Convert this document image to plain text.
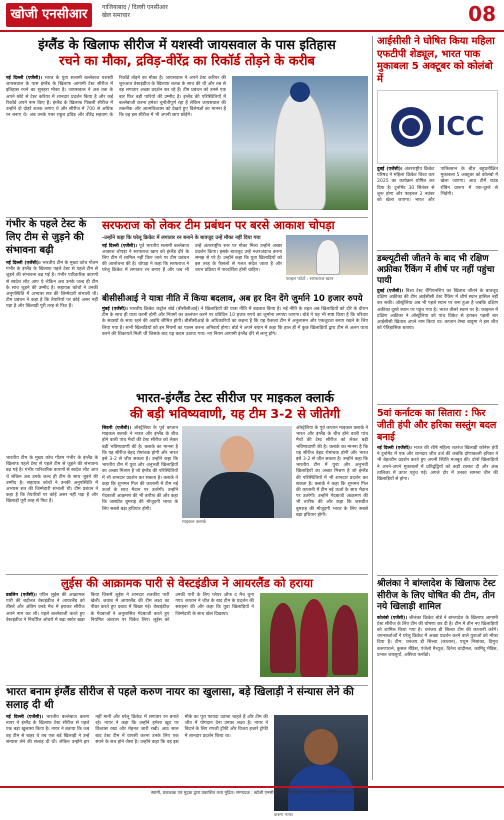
खोजी एनसीआर	गाजियाबाद / दिल्ली एनसीआर
खेल समाचार	08
इंग्लैंड के खिलाफ सीरीज में यशस्वी जायसवाल के पास इतिहास
रचने का मौका, द्रविड़-वीरेंद्र का रिकॉर्ड तोड़ने के करीब
नई दिल्ली (एजेंसी)। भारत के युवा सलामी बल्लेबाज यशस्वी जायसवाल के पास इंग्लैंड के खिलाफ आगामी टेस्ट सीरीज में इतिहास रचने का सुनहरा मौका है। जायसवाल ने अब तक के अपने छोटे से टेस्ट करियर में शानदार प्रदर्शन किया है और कई रिकॉर्ड अपने नाम किए हैं। इंग्लैंड के खिलाफ पिछली सीरीज में उन्होंने दो दोहरे शतक लगाए थे और सीरीज में 700 से अधिक रन बनाए थे। अब उनके पास राहुल द्रविड़ और वीरेंद्र सहवाग के रिकॉर्ड तोड़ने का मौका है। जायसवाल ने अपने टेस्ट करियर की शुरुआत वेस्टइंडीज के खिलाफ शतक के साथ की थी और तब से वह लगातार अच्छा प्रदर्शन कर रहे हैं। टीम प्रबंधन को उनसे एक बार फिर बड़ी पारियों की उम्मीद है। इंग्लैंड की परिस्थितियों में बल्लेबाजी करना हमेशा चुनौतीपूर्ण रहा है लेकिन जायसवाल की तकनीक और आत्मविश्वास को देखते हुए विशेषज्ञों का मानना है कि वह इस सीरीज में भी अपनी छाप छोड़ेंगे।
गंभीर के पहले टेस्ट के लिए टीम से जुड़ने की संभावना बढ़ी
नई दिल्ली (एजेंसी)। भारतीय टीम के मुख्य कोच गौतम गंभीर के इंग्लैंड के खिलाफ पहले टेस्ट से पहले टीम से जुड़ने की संभावना बढ़ गई है। गंभीर पारिवारिक कारणों से स्वदेश लौट आए थे लेकिन अब उनके जल्द ही टीम के साथ जुड़ने की उम्मीद है। सहायक कोचों ने उनकी अनुपस्थिति में अभ्यास सत्र की जिम्मेदारी संभाली थी। टीम प्रबंधन ने कहा है कि तैयारियों पर कोई असर नहीं पड़ा है और खिलाड़ी पूरी तरह से फिट हैं।
सरफराज को लेकर टीम प्रबंधन पर बरसे आकाश चोपड़ा
-उन्होंने कहा कि घरेलू क्रिकेट में लगातार रन बनाने के बावजूद उन्हें मौका नहीं दिया गया
नई दिल्ली (एजेंसी)। पूर्व भारतीय सलामी बल्लेबाज आकाश चोपड़ा ने सरफराज खान को इंग्लैंड दौरे के लिए टीम में शामिल नहीं किए जाने पर टीम प्रबंधन की आलोचना की है। चोपड़ा ने कहा कि सरफराज ने घरेलू क्रिकेट में लगातार रन बनाए हैं और जब भी उन्हें अंतरराष्ट्रीय स्तर पर मौका मिला उन्होंने अच्छा प्रदर्शन किया। इसके बावजूद उन्हें नजरअंदाज करना समझ से परे है। उन्होंने कहा कि युवा खिलाड़ियों को इस तरह के फैसलों से गलत संदेश जाता है और चयन प्रक्रिया में पारदर्शिता होनी चाहिए।
फाइल फोटो : सरफराज खान
बीसीसीआई ने यात्रा नीति में किया बदलाव, अब हर दिन देंगे जुर्माने 10 हजार रुपये
मुंबई (एजेंसी)। भारतीय क्रिकेट कंट्रोल बोर्ड (बीसीसीआई) ने खिलाड़ियों की यात्रा नीति में बदलाव किया है। नई नीति के तहत अब खिलाड़ियों को दौरे के दौरान टीम के साथ ही यात्रा करनी होगी और नियमों का उल्लंघन करने पर प्रतिदिन 10 हजार रुपये का जुर्माना लगाया जाएगा। बोर्ड ने यह भी स्पष्ट किया है कि परिवार के सदस्यों के साथ रहने की अवधि सीमित होगी। बीसीसीआई के अधिकारियों का कहना है कि यह फैसला टीम में अनुशासन और एकजुटता बनाए रखने के लिए लिया गया है। सभी खिलाड़ियों को इन नियमों का पालन करना अनिवार्य होगा। बोर्ड ने अपने बयान में कहा कि हाल ही में कुछ खिलाड़ियों द्वारा टीम से अलग यात्रा करने की शिकायतें मिली थीं जिसके बाद यह कदम उठाया गया। नए नियम आगामी इंग्लैंड दौरे से लागू होंगे।
भारत-इंग्लैंड टेस्ट सीरीज पर माइकल क्लार्क
की बड़ी भविष्यवाणी, यह टीम 3-2 से जीतेगी
सिडनी (एजेंसी)। ऑस्ट्रेलिया के पूर्व कप्तान माइकल क्लार्क ने भारत और इंग्लैंड के बीच होने वाली पांच मैचों की टेस्ट सीरीज को लेकर बड़ी भविष्यवाणी की है। क्लार्क का मानना है कि यह सीरीज बेहद रोमांचक होगी और भारत इसे 3-2 से जीत सकता है। उन्होंने कहा कि भारतीय टीम में युवा और अनुभवी खिलाड़ियों का अच्छा मिश्रण है जो इंग्लैंड की परिस्थितियों में भी शानदार प्रदर्शन कर सकता है। क्लार्क ने कहा कि शुभमन गिल की कप्तानी में टीम नई ऊर्जा के साथ मैदान पर उतरेगी। उन्होंने गेंदबाजी आक्रमण की भी तारीफ की और कहा कि जसप्रीत बुमराह की मौजूदगी भारत के लिए सबसे बड़ा हथियार होगी।
माइकल क्लार्क
ऑस्ट्रेलिया के पूर्व कप्तान माइकल क्लार्क ने भारत और इंग्लैंड के बीच होने वाली पांच मैचों की टेस्ट सीरीज को लेकर बड़ी भविष्यवाणी की है। क्लार्क का मानना है कि यह सीरीज बेहद रोमांचक होगी और भारत इसे 3-2 से जीत सकता है। उन्होंने कहा कि भारतीय टीम में युवा और अनुभवी खिलाड़ियों का अच्छा मिश्रण है जो इंग्लैंड की परिस्थितियों में भी शानदार प्रदर्शन कर सकता है। क्लार्क ने कहा कि शुभमन गिल की कप्तानी में टीम नई ऊर्जा के साथ मैदान पर उतरेगी। उन्होंने गेंदबाजी आक्रमण की भी तारीफ की और कहा कि जसप्रीत बुमराह की मौजूदगी भारत के लिए सबसे बड़ा हथियार होगी।
भारतीय टीम के मुख्य कोच गौतम गंभीर के इंग्लैंड के खिलाफ पहले टेस्ट से पहले टीम से जुड़ने की संभावना बढ़ गई है। गंभीर पारिवारिक कारणों से स्वदेश लौट आए थे लेकिन अब उनके जल्द ही टीम के साथ जुड़ने की उम्मीद है। सहायक कोचों ने उनकी अनुपस्थिति में अभ्यास सत्र की जिम्मेदारी संभाली थी। टीम प्रबंधन ने कहा है कि तैयारियों पर कोई असर नहीं पड़ा है और खिलाड़ी पूरी तरह से फिट हैं।
लुईस की आक्रामक पारी से वेस्टइंडीज ने आयरलैंड को हराया
डबलिन (एजेंसी)। एविन लुईस की आक्रामक पारी की बदौलत वेस्टइंडीज ने आयरलैंड को तीसरे और अंतिम वनडे मैच में हराकर सीरीज अपने नाम कर ली। पहले बल्लेबाजी करते हुए वेस्टइंडीज ने निर्धारित ओवरों में बड़ा स्कोर खड़ा किया जिसमें लुईस ने शानदार शतकीय पारी खेली। जवाब में आयरलैंड की टीम लक्ष्य का पीछा करते हुए दबाव में बिखर गई। वेस्टइंडीज के गेंदबाजों ने अनुशासित गेंदबाजी करते हुए नियमित अंतराल पर विकेट लिए। लुईस को उनकी पारी के लिए प्लेयर ऑफ द मैच चुना गया। कप्तान ने जीत के बाद टीम के प्रदर्शन की सराहना की और कहा कि युवा खिलाड़ियों ने जिम्मेदारी के साथ खेल दिखाया।
भारत बनाम इंग्लैंड सीरीज से पहले करुण नायर का खुलासा, बड़े खिलाड़ी ने संन्यास लेने की सलाह दी थी
नई दिल्ली (एजेंसी)। भारतीय बल्लेबाज करुण नायर ने इंग्लैंड के खिलाफ टेस्ट सीरीज से पहले एक बड़ा खुलासा किया है। नायर ने बताया कि जब वह टीम से बाहर थे तब एक बड़े खिलाड़ी ने उन्हें संन्यास लेने की सलाह दी थी। लेकिन उन्होंने हार नहीं मानी और घरेलू क्रिकेट में लगातार रन बनाते रहे। नायर ने कहा कि उन्होंने हमेशा खुद पर विश्वास रखा और मेहनत जारी रखी। आठ साल बाद टेस्ट टीम में वापसी करना उनके लिए एक सपने के सच होने जैसा है। उन्होंने कहा कि वह इस मौके का पूरा फायदा उठाना चाहते हैं और टीम की जीत में योगदान देना उनका लक्ष्य है। नायर ने विदर्भ के लिए रणजी ट्रॉफी और विजय हजारे ट्रॉफी में शानदार प्रदर्शन किया था।
करुण नायर
आईसीसी ने घोषित किया महिला एफटीपी शेड्यूल, भारत पाक मुकाबला 5 अक्टूबर को कोलंबो में
ICC
दुबई (एजेंसी)। अंतरराष्ट्रीय क्रिकेट परिषद ने महिला क्रिकेट विश्व कप 2025 का कार्यक्रम घोषित कर दिया है। टूर्नामेंट 30 सितंबर से शुरू होगा और फाइनल 2 नवंबर को खेला जाएगा। भारत और पाकिस्तान के बीच बहुप्रतीक्षित मुकाबला 5 अक्टूबर को कोलंबो में खेला जाएगा। आठ टीमें राउंड रॉबिन प्रारूप में एक-दूसरे से भिड़ेंगी।
डब्ल्यूटीसी जीतने के बाद भी रक्षिण अफ्रीका रैंकिंग में शीर्ष पर नहीं पहुंचा पायी
दुबई (एजेंसी)। विश्व टेस्ट चैंपियनशिप का खिताब जीतने के बावजूद दक्षिण अफ्रीका की टीम आईसीसी टेस्ट रैंकिंग में शीर्ष स्थान हासिल नहीं कर सकी। ऑस्ट्रेलिया अब भी पहले स्थान पर बना हुआ है जबकि दक्षिण अफ्रीका दूसरे स्थान पर पहुंच गया है। भारत तीसरे स्थान पर है। फाइनल में दक्षिण अफ्रीका ने ऑस्ट्रेलिया को पांच विकेट से हराकर पहली बार आईसीसी खिताब अपने नाम किया था। कप्तान टेम्बा बावुमा ने इस जीत को ऐतिहासिक बताया।
5वां कर्नाटक का सितारा : फिर जीती हंपी और हरिका सस्तुंग बदल बनाई
नई दिल्ली (एजेंसी)। भारत की शीर्ष महिला शतरंज खिलाड़ी कोनेरू हंपी ने टूर्नामेंट में एक और शानदार जीत दर्ज की जबकि द्रोणावल्ली हरिका ने भी बेहतरीन प्रदर्शन करते हुए अपनी स्थिति मजबूत की। दोनों खिलाड़ियों ने अपने-अपने मुकाबलों में प्रतिद्वंद्वियों को कड़ी टक्कर दी और अंक तालिका में ऊपर पहुंच गईं। अगले दौर में उनका सामना चीन की खिलाड़ियों से होगा।
श्रीलंका ने बांग्लादेश के खिलाफ टेस्ट सीरीज के लिए घोषित की टीम, तीन नये खिलाड़ी शामिल
कोलंबो (एजेंसी)। श्रीलंका क्रिकेट बोर्ड ने बांग्लादेश के खिलाफ आगामी टेस्ट सीरीज के लिए टीम की घोषणा कर दी है। टीम में तीन नए खिलाड़ियों को शामिल किया गया है। धनंजय डी सिल्वा टीम की कप्तानी करेंगे। चयनकर्ताओं ने घरेलू क्रिकेट में अच्छा प्रदर्शन करने वाले युवाओं को मौका दिया है। टीम: धनंजय डी सिल्वा (कप्तान), पथुम निसांका, दिमुथ करुणारत्ने, कुसल मेंडिस, एंजेलो मैथ्यूज, दिनेश चांदीमल, कामिंदु मेंडिस, प्रभात जयसूर्या, असिथा फर्नांडो।
स्वामी, प्रकाशक एवं मुद्रक द्वारा प्रकाशित तथा मुद्रित। सम्पादक : खोजी एनसीआर। सभी विवादों का न्याय क्षेत्र गाजियाबाद होगा।
